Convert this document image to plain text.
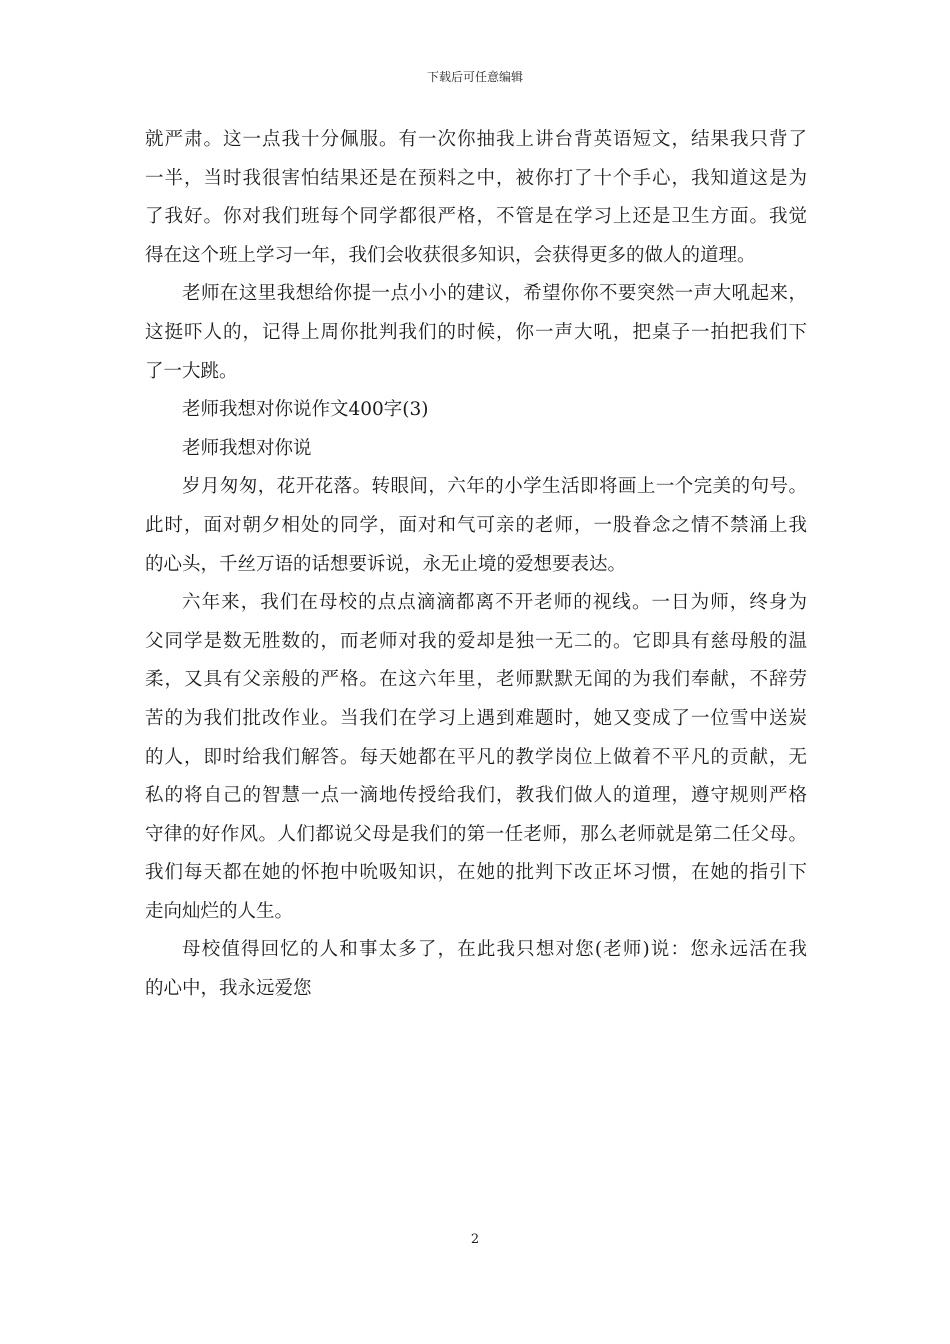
下载后可任意编辑
就严肃。这一点我十分佩服。有一次你抽我上讲台背英语短文，结果我只背了
一半，当时我很害怕结果还是在预料之中，被你打了十个手心，我知道这是为
了我好。你对我们班每个同学都很严格，不管是在学习上还是卫生方面。我觉
得在这个班上学习一年，我们会收获很多知识，会获得更多的做人的道理。
老师在这里我想给你提一点小小的建议，希望你你不要突然一声大吼起来，
这挺吓人的，记得上周你批判我们的时候，你一声大吼，把桌子一拍把我们下
了一大跳。
老师我想对你说作文400字(3)
老师我想对你说
岁月匆匆，花开花落。转眼间，六年的小学生活即将画上一个完美的句号。
此时，面对朝夕相处的同学，面对和气可亲的老师，一股眷念之情不禁涌上我
的心头，千丝万语的话想要诉说，永无止境的爱想要表达。
六年来，我们在母校的点点滴滴都离不开老师的视线。一日为师，终身为
父同学是数无胜数的，而老师对我的爱却是独一无二的。它即具有慈母般的温
柔，又具有父亲般的严格。在这六年里，老师默默无闻的为我们奉献，不辞劳
苦的为我们批改作业。当我们在学习上遇到难题时，她又变成了一位雪中送炭
的人，即时给我们解答。每天她都在平凡的教学岗位上做着不平凡的贡献，无
私的将自己的智慧一点一滴地传授给我们，教我们做人的道理，遵守规则严格
守律的好作风。人们都说父母是我们的第一任老师，那么老师就是第二任父母。
我们每天都在她的怀抱中吮吸知识，在她的批判下改正坏习惯，在她的指引下
走向灿烂的人生。
母校值得回忆的人和事太多了，在此我只想对您(老师)说：您永远活在我
的心中，我永远爱您
2
